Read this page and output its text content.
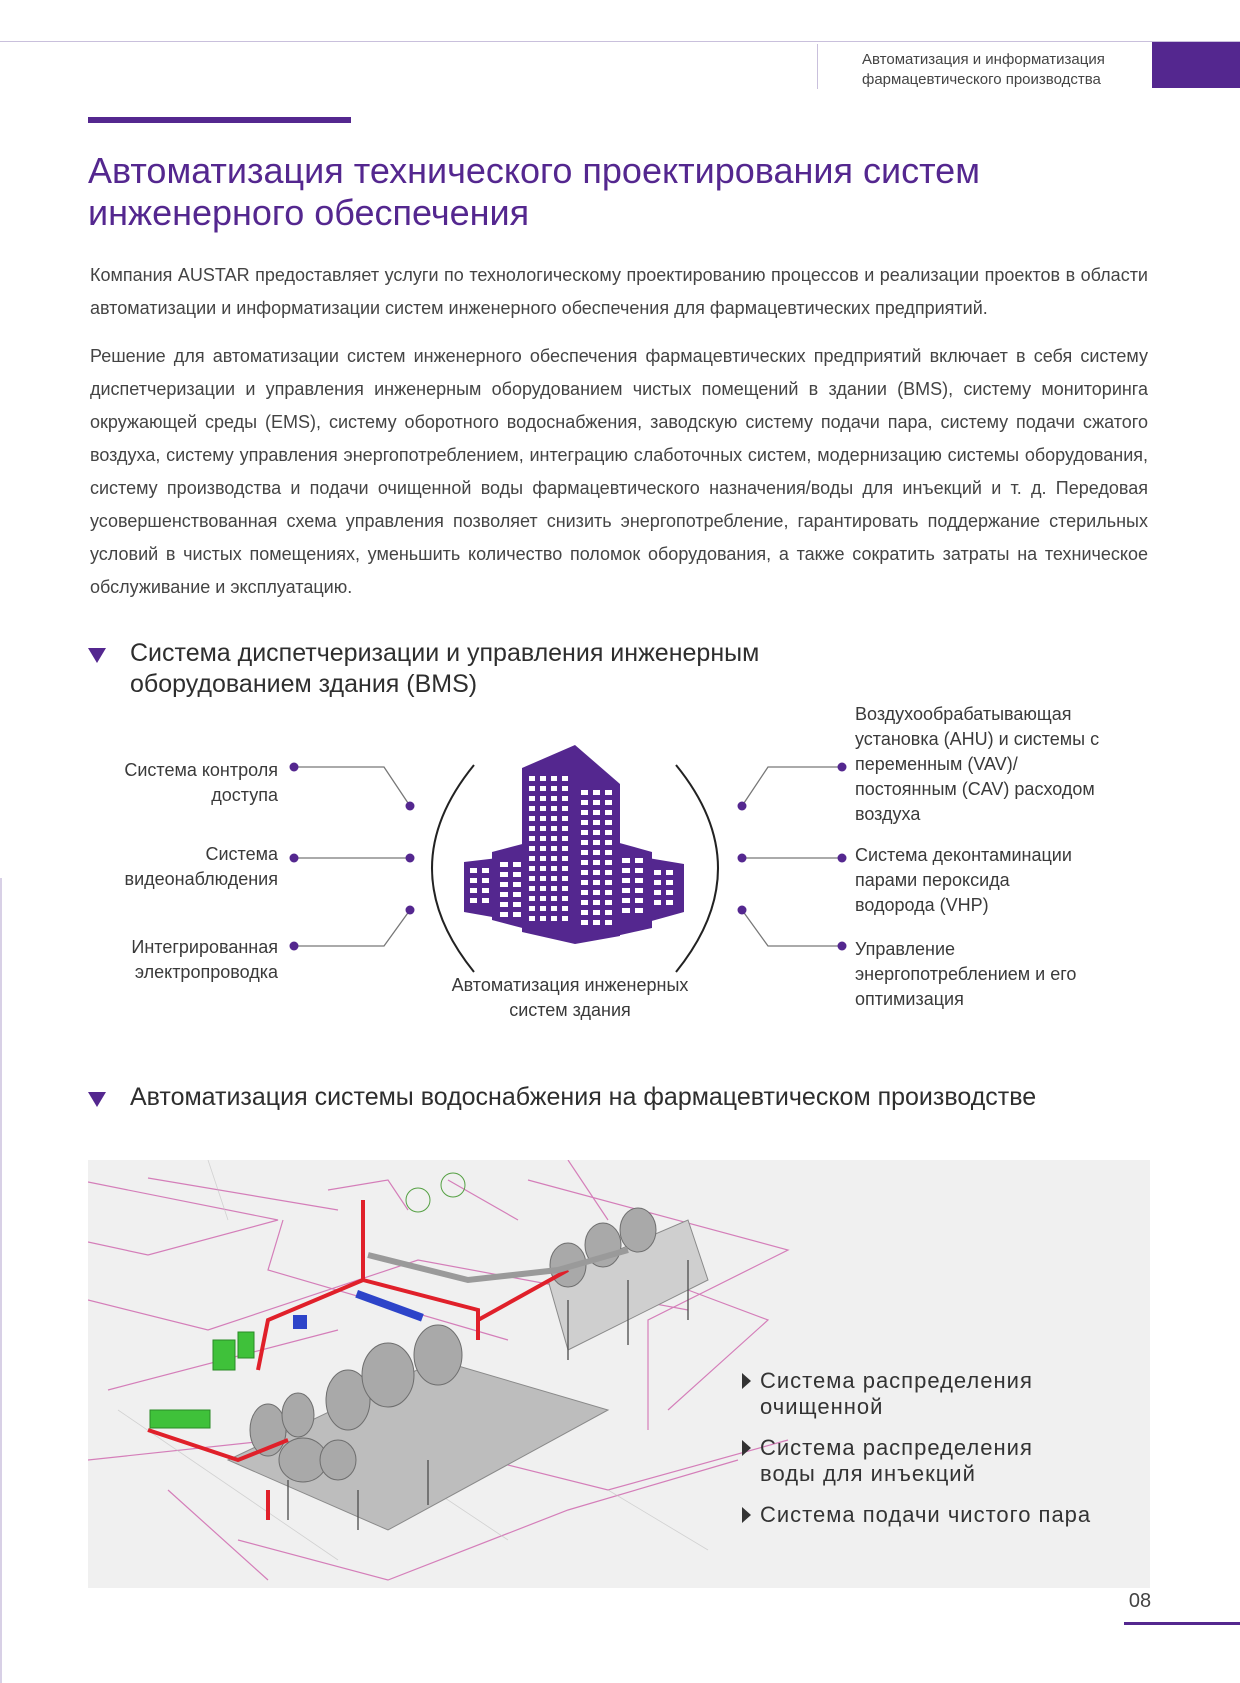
Автоматизация и информатизация
фармацевтического производства
Автоматизация технического проектирования систем
инженерного обеспечения

Компания AUSTAR предоставляет услуги по технологическому проектированию процессов и реализации проектов в области автоматизации и информатизации систем инженерного обеспечения для фармацевтических предприятий.

Решение для автоматизации систем инженерного обеспечения фармацевтических предприятий включает в себя систему диспетчеризации и управления инженерным оборудованием чистых помещений в здании (BMS), систему мониторинга окружающей среды (EMS), систему оборотного водоснабжения, заводскую систему подачи пара, систему подачи сжатого воздуха, систему управления энергопотреблением, интеграцию слаботочных систем, модернизацию системы оборудования, систему производства и подачи очищенной воды фармацевтического назначения/воды для инъекций и т. д. Передовая усовершенствованная схема управления позволяет снизить энергопотребление, гарантировать поддержание стерильных условий в чистых помещениях, уменьшить количество поломок оборудования, а также сократить затраты на техническое обслуживание и эксплуатацию.

Система диспетчеризации и управления инженерным
оборудованием здания (BMS)
Система контроля
доступа
Система
видеонаблюдения
Интегрированная
электропроводка
Воздухообрабатывающая
установка (AHU) и системы с
переменным (VAV)/
постоянным (CAV) расходом
воздуха
Система деконтаминации
парами пероксида
водорода (VHP)
Управление
энергопотреблением и его
оптимизация
Автоматизация инженерных
систем здания
Автоматизация системы водоснабжения на фармацевтическом производстве
Система распределения
очищенной
Система распределения
воды для инъекций
Система подачи чистого пара
08
